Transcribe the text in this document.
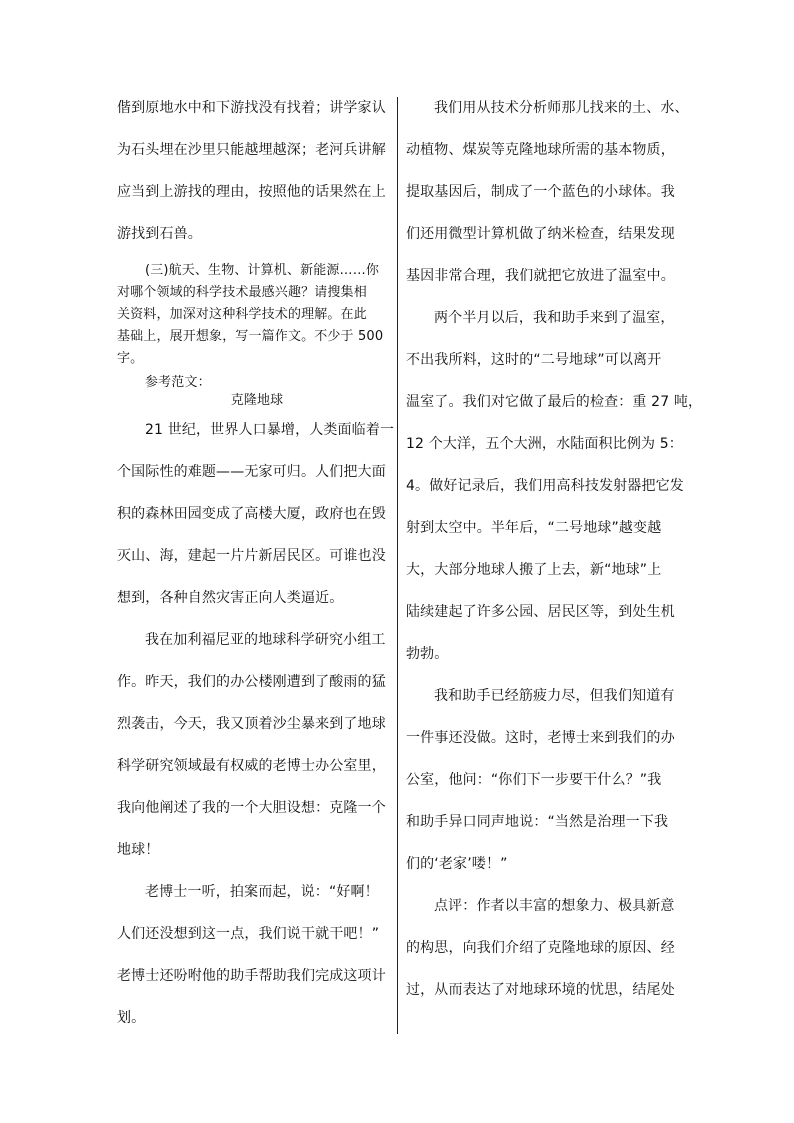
偕到原地水中和下游找没有找着；讲学家认
为石头埋在沙里只能越埋越深；老河兵讲解
应当到上游找的理由，按照他的话果然在上
游找到石兽。
(三)航天、生物、计算机、新能源……你
对哪个领域的科学技术最感兴趣？请搜集相
关资料，加深对这种科学技术的理解。在此
基础上，展开想象，写一篇作文。不少于 500
字。
参考范文：
克隆地球
21 世纪，世界人口暴增，人类面临着一
个国际性的难题——无家可归。人们把大面
积的森林田园变成了高楼大厦，政府也在毁
灭山、海，建起一片片新居民区。可谁也没
想到，各种自然灾害正向人类逼近。
我在加利福尼亚的地球科学研究小组工
作。昨天，我们的办公楼刚遭到了酸雨的猛
烈袭击，今天，我又顶着沙尘暴来到了地球
科学研究领域最有权威的老博士办公室里，
我向他阐述了我的一个大胆设想：克隆一个
地球！
老博士一听，拍案而起，说：“好啊！
人们还没想到这一点，我们说干就干吧！”
老博士还吩咐他的助手帮助我们完成这项计
划。
我们用从技术分析师那儿找来的土、水、
动植物、煤炭等克隆地球所需的基本物质，
提取基因后，制成了一个蓝色的小球体。我
们还用微型计算机做了纳米检查，结果发现
基因非常合理，我们就把它放进了温室中。
两个半月以后，我和助手来到了温室，
不出我所料，这时的“二号地球”可以离开
温室了。我们对它做了最后的检查：重 27 吨，
12 个大洋，五个大洲，水陆面积比例为 5：
4。做好记录后，我们用高科技发射器把它发
射到太空中。半年后，“二号地球”越变越
大，大部分地球人搬了上去，新“地球”上
陆续建起了许多公园、居民区等，到处生机
勃勃。
我和助手已经筋疲力尽，但我们知道有
一件事还没做。这时，老博士来到我们的办
公室，他问：“你们下一步要干什么？”我
和助手异口同声地说：“当然是治理一下我
们的‘老家’喽！”
点评：作者以丰富的想象力、极具新意
的构思，向我们介绍了克隆地球的原因、经
过，从而表达了对地球环境的忧思，结尾处
